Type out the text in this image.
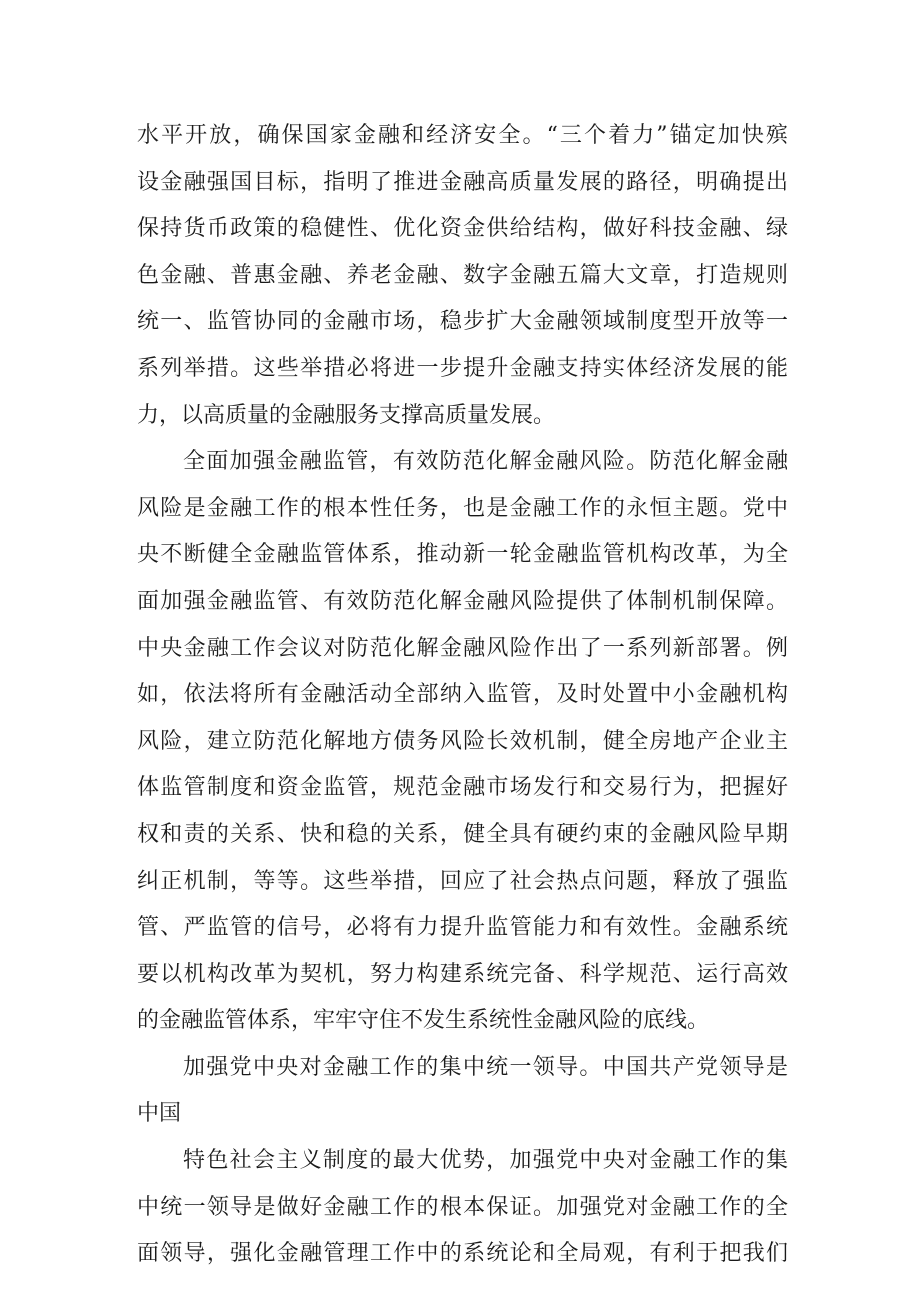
水平开放，确保国家金融和经济安全。“三个着力”锚定加快殡
设金融强国目标，指明了推进金融高质量发展的路径，明确提出
保持货币政策的稳健性、优化资金供给结构，做好科技金融、绿
色金融、普惠金融、养老金融、数字金融五篇大文章，打造规则
统一、监管协同的金融市场，稳步扩大金融领域制度型开放等一
系列举措。这些举措必将进一步提升金融支持实体经济发展的能
力，以高质量的金融服务支撑高质量发展。
全面加强金融监管，有效防范化解金融风险。防范化解金融
风险是金融工作的根本性任务，也是金融工作的永恒主题。党中
央不断健全金融监管体系，推动新一轮金融监管机构改革，为全
面加强金融监管、有效防范化解金融风险提供了体制机制保障。
中央金融工作会议对防范化解金融风险作出了一系列新部署。例
如，依法将所有金融活动全部纳入监管，及时处置中小金融机构
风险，建立防范化解地方债务风险长效机制，健全房地产企业主
体监管制度和资金监管，规范金融市场发行和交易行为，把握好
权和责的关系、快和稳的关系，健全具有硬约束的金融风险早期
纠正机制，等等。这些举措，回应了社会热点问题，释放了强监
管、严监管的信号，必将有力提升监管能力和有效性。金融系统
要以机构改革为契机，努力构建系统完备、科学规范、运行高效
的金融监管体系，牢牢守住不发生系统性金融风险的底线。
加强党中央对金融工作的集中统一领导。中国共产党领导是
中国
特色社会主义制度的最大优势，加强党中央对金融工作的集
中统一领导是做好金融工作的根本保证。加强党对金融工作的全
面领导，强化金融管理工作中的系统论和全局观，有利于把我们
